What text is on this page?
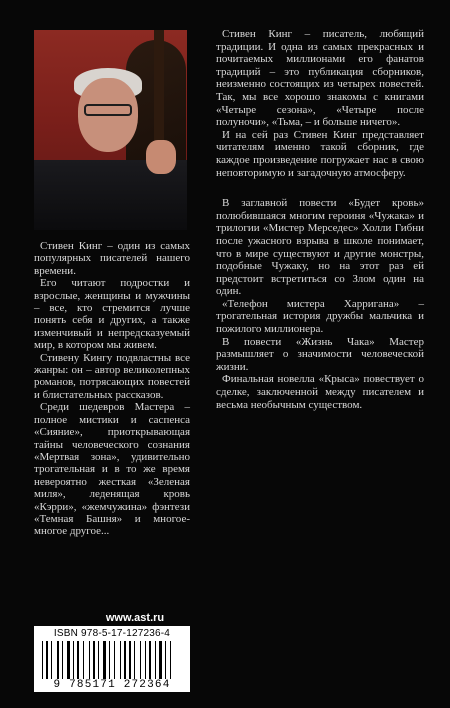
Стивен Кинг – один из самых популярных писателей нашего времени.

Его читают подростки и взрослые, женщины и мужчины – все, кто стремится лучше понять себя и других, а также изменчивый и непредсказуемый мир, в котором мы живем.

Стивену Кингу подвластны все жанры: он – автор великолепных романов, потрясающих повестей и блистательных рассказов.

Среди шедевров Мастера – полное мистики и саспенса «Сияние», приоткрывающая тайны человеческого сознания «Мертвая зона», удивительно трогательная и в то же время невероятно жесткая «Зеленая миля», леденящая кровь «Кэрри», «жемчужина» фэнтези «Темная Башня» и многое-многое другое...

Стивен Кинг – писатель, любящий традиции. И одна из самых прекрасных и почитаемых миллионами его фанатов традиций – это публикация сборников, неизменно состоящих из четырех повестей. Так, мы все хорошо знакомы с книгами «Четыре сезона», «Четыре после полуночи», «Тьма, – и больше ничего».

И на сей раз Стивен Кинг представляет читателям именно такой сборник, где каждое произведение погружает нас в свою неповторимую и загадочную атмосферу.

В заглавной повести «Будет кровь» полюбившаяся многим героиня «Чужака» и трилогии «Мистер Мерседес» Холли Гибни после ужасного взрыва в школе понимает, что в мире существуют и другие монстры, подобные Чужаку, но на этот раз ей предстоит встретиться со Злом один на один.

«Телефон мистера Харригана» – трогательная история дружбы мальчика и пожилого миллионера.

В повести «Жизнь Чака» Мастер размышляет о значимости человеческой жизни.

Финальная новелла «Крыса» повествует о сделке, заключенной между писателем и весьма необычным существом.

www.ast.ru
ISBN 978-5-17-127236-4
9 785171 272364
